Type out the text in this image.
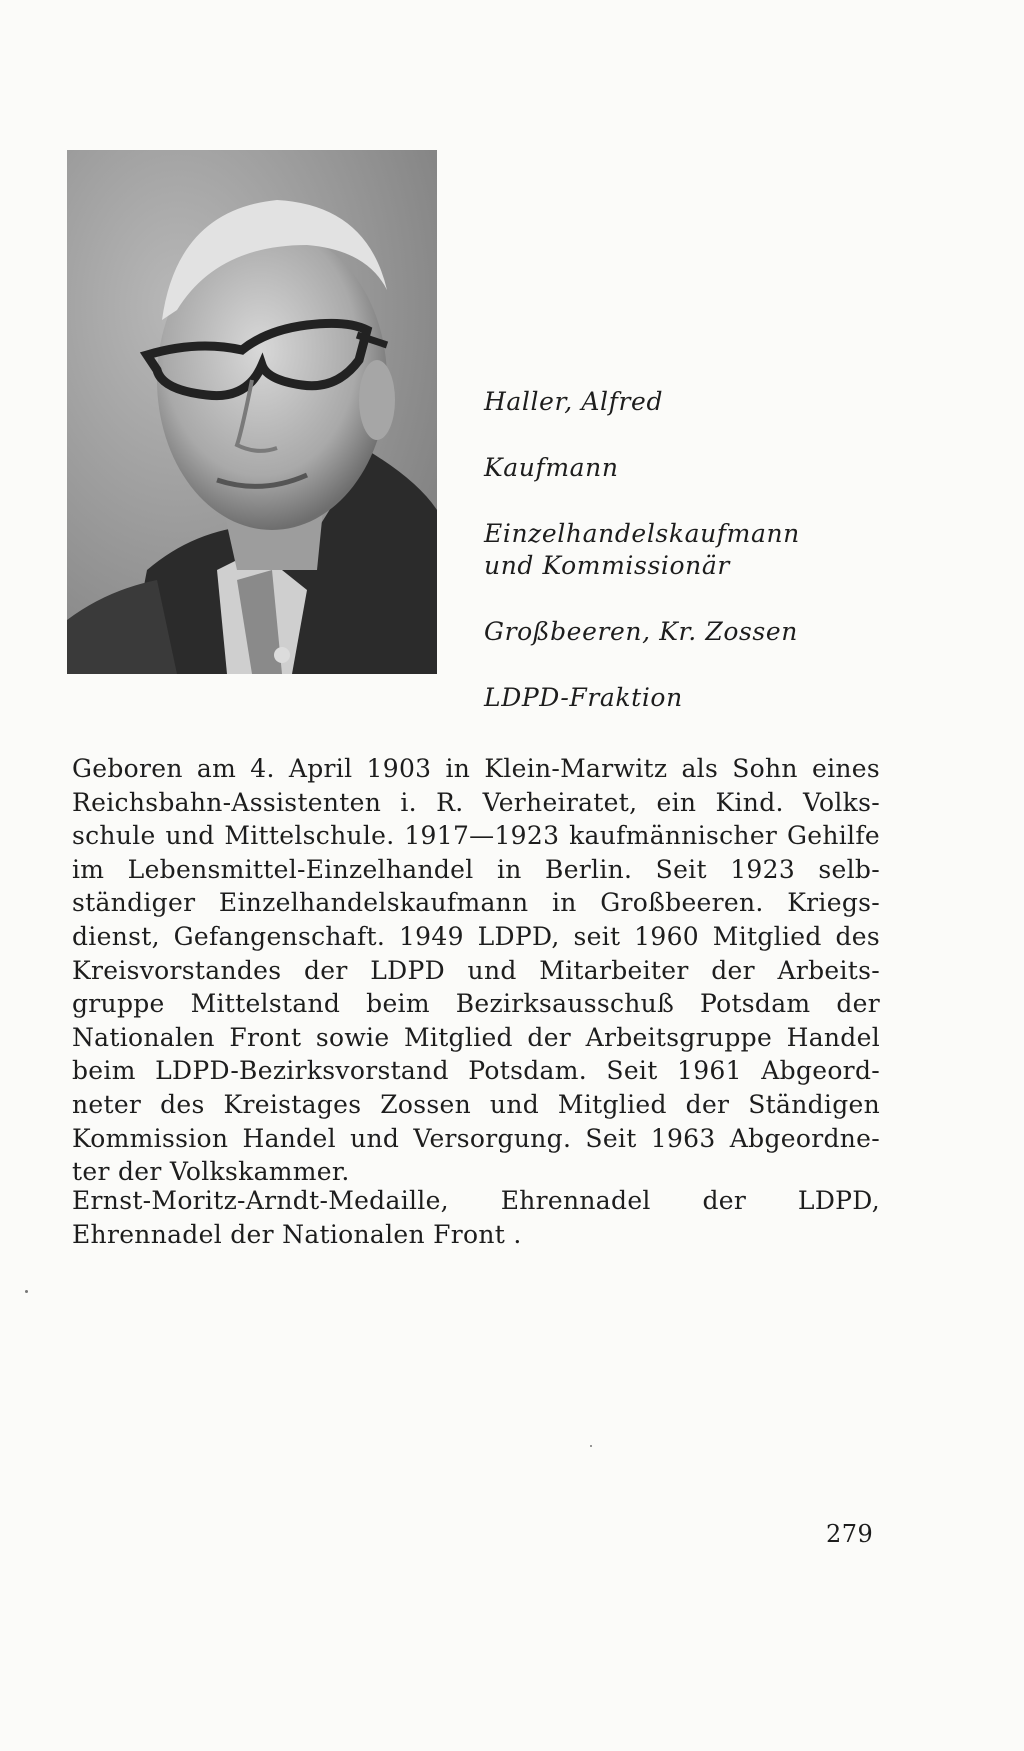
Haller, Alfred
Kaufmann
Einzelhandelskaufmann
und Kommissionär
Großbeeren, Kr. Zossen
LDPD-Fraktion
Geboren am 4. April 1903 in Klein-Marwitz als Sohn eines
Reichsbahn-Assistenten i. R. Verheiratet, ein Kind. Volks-
schule und Mittelschule. 1917—1923 kaufmännischer Gehilfe
im Lebensmittel-Einzelhandel in Berlin. Seit 1923 selb-
ständiger Einzelhandelskaufmann in Großbeeren. Kriegs-
dienst, Gefangenschaft. 1949 LDPD, seit 1960 Mitglied des
Kreisvorstandes der LDPD und Mitarbeiter der Arbeits-
gruppe Mittelstand beim Bezirksausschuß Potsdam der
Nationalen Front sowie Mitglied der Arbeitsgruppe Handel
beim LDPD-Bezirksvorstand Potsdam. Seit 1961 Abgeord-
neter des Kreistages Zossen und Mitglied der Ständigen
Kommission Handel und Versorgung. Seit 1963 Abgeordne-
ter der Volkskammer.
Ernst-Moritz-Arndt-Medaille, Ehrennadel der LDPD,
Ehrennadel der Nationalen Front .
279
